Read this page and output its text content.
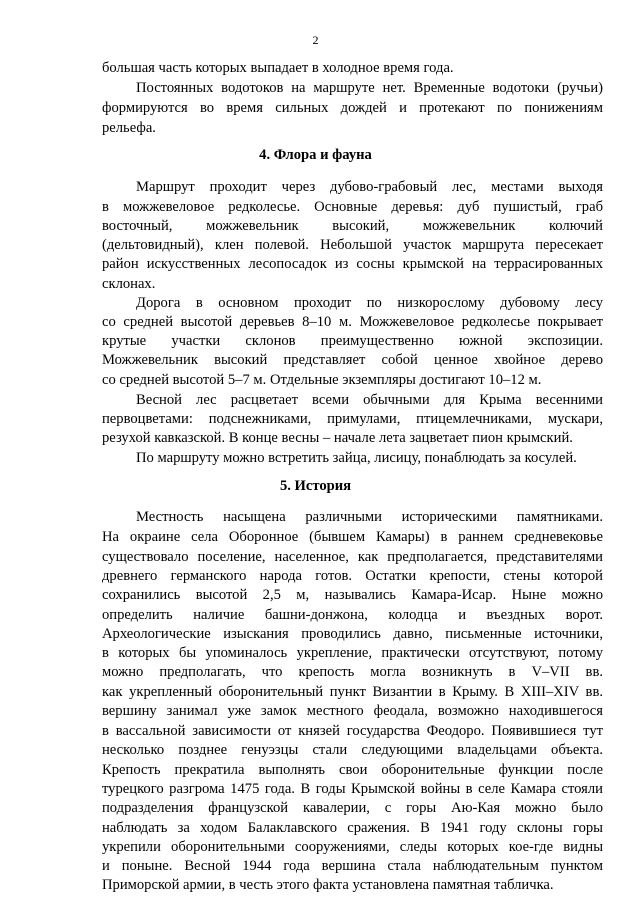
2
большая часть которых выпадает в холодное время года.
Постоянных водотоков на маршруте нет. Временные водотоки (ручьи)
формируются во время сильных дождей и протекают по понижениям
рельефа.
4. Флора и фауна
Маршрут проходит через дубово-грабовый лес, местами выходя
в можжевеловое редколесье. Основные деревья: дуб пушистый, граб
восточный, можжевельник высокий, можжевельник колючий
(дельтовидный), клен полевой. Небольшой участок маршрута пересекает
район искусственных лесопосадок из сосны крымской на террасированных
склонах.
Дорога в основном проходит по низкорослому дубовому лесу
со средней высотой деревьев 8–10 м. Можжевеловое редколесье покрывает
крутые участки склонов преимущественно южной экспозиции.
Можжевельник высокий представляет собой ценное хвойное дерево
со средней высотой 5–7 м. Отдельные экземпляры достигают 10–12 м.
Весной лес расцветает всеми обычными для Крыма весенними
первоцветами: подснежниками, примулами, птицемлечниками, мускари,
резухой кавказской. В конце весны – начале лета зацветает пион крымский.
По маршруту можно встретить зайца, лисицу, понаблюдать за косулей.
5. История
Местность насыщена различными историческими памятниками.
На окраине села Оборонное (бывшем Камары) в раннем средневековье
существовало поселение, населенное, как предполагается, представителями
древнего германского народа готов. Остатки крепости, стены которой
сохранились высотой 2,5 м, назывались Камара-Исар. Ныне можно
определить наличие башни-донжона, колодца и въездных ворот.
Археологические изыскания проводились давно, письменные источники,
в которых бы упоминалось укрепление, практически отсутствуют, потому
можно предполагать, что крепость могла возникнуть в V–VII вв.
как укрепленный оборонительный пункт Византии в Крыму. В XIII–XIV вв.
вершину занимал уже замок местного феодала, возможно находившегося
в вассальной зависимости от князей государства Феодоро. Появившиеся тут
несколько позднее генуэзцы стали следующими владельцами объекта.
Крепость прекратила выполнять свои оборонительные функции после
турецкого разгрома 1475 года. В годы Крымской войны в селе Камара стояли
подразделения французской кавалерии, с горы Аю-Кая можно было
наблюдать за ходом Балаклавского сражения. В 1941 году склоны горы
укрепили оборонительными сооружениями, следы которых кое-где видны
и поныне. Весной 1944 года вершина стала наблюдательным пунктом
Приморской армии, в честь этого факта установлена памятная табличка.
